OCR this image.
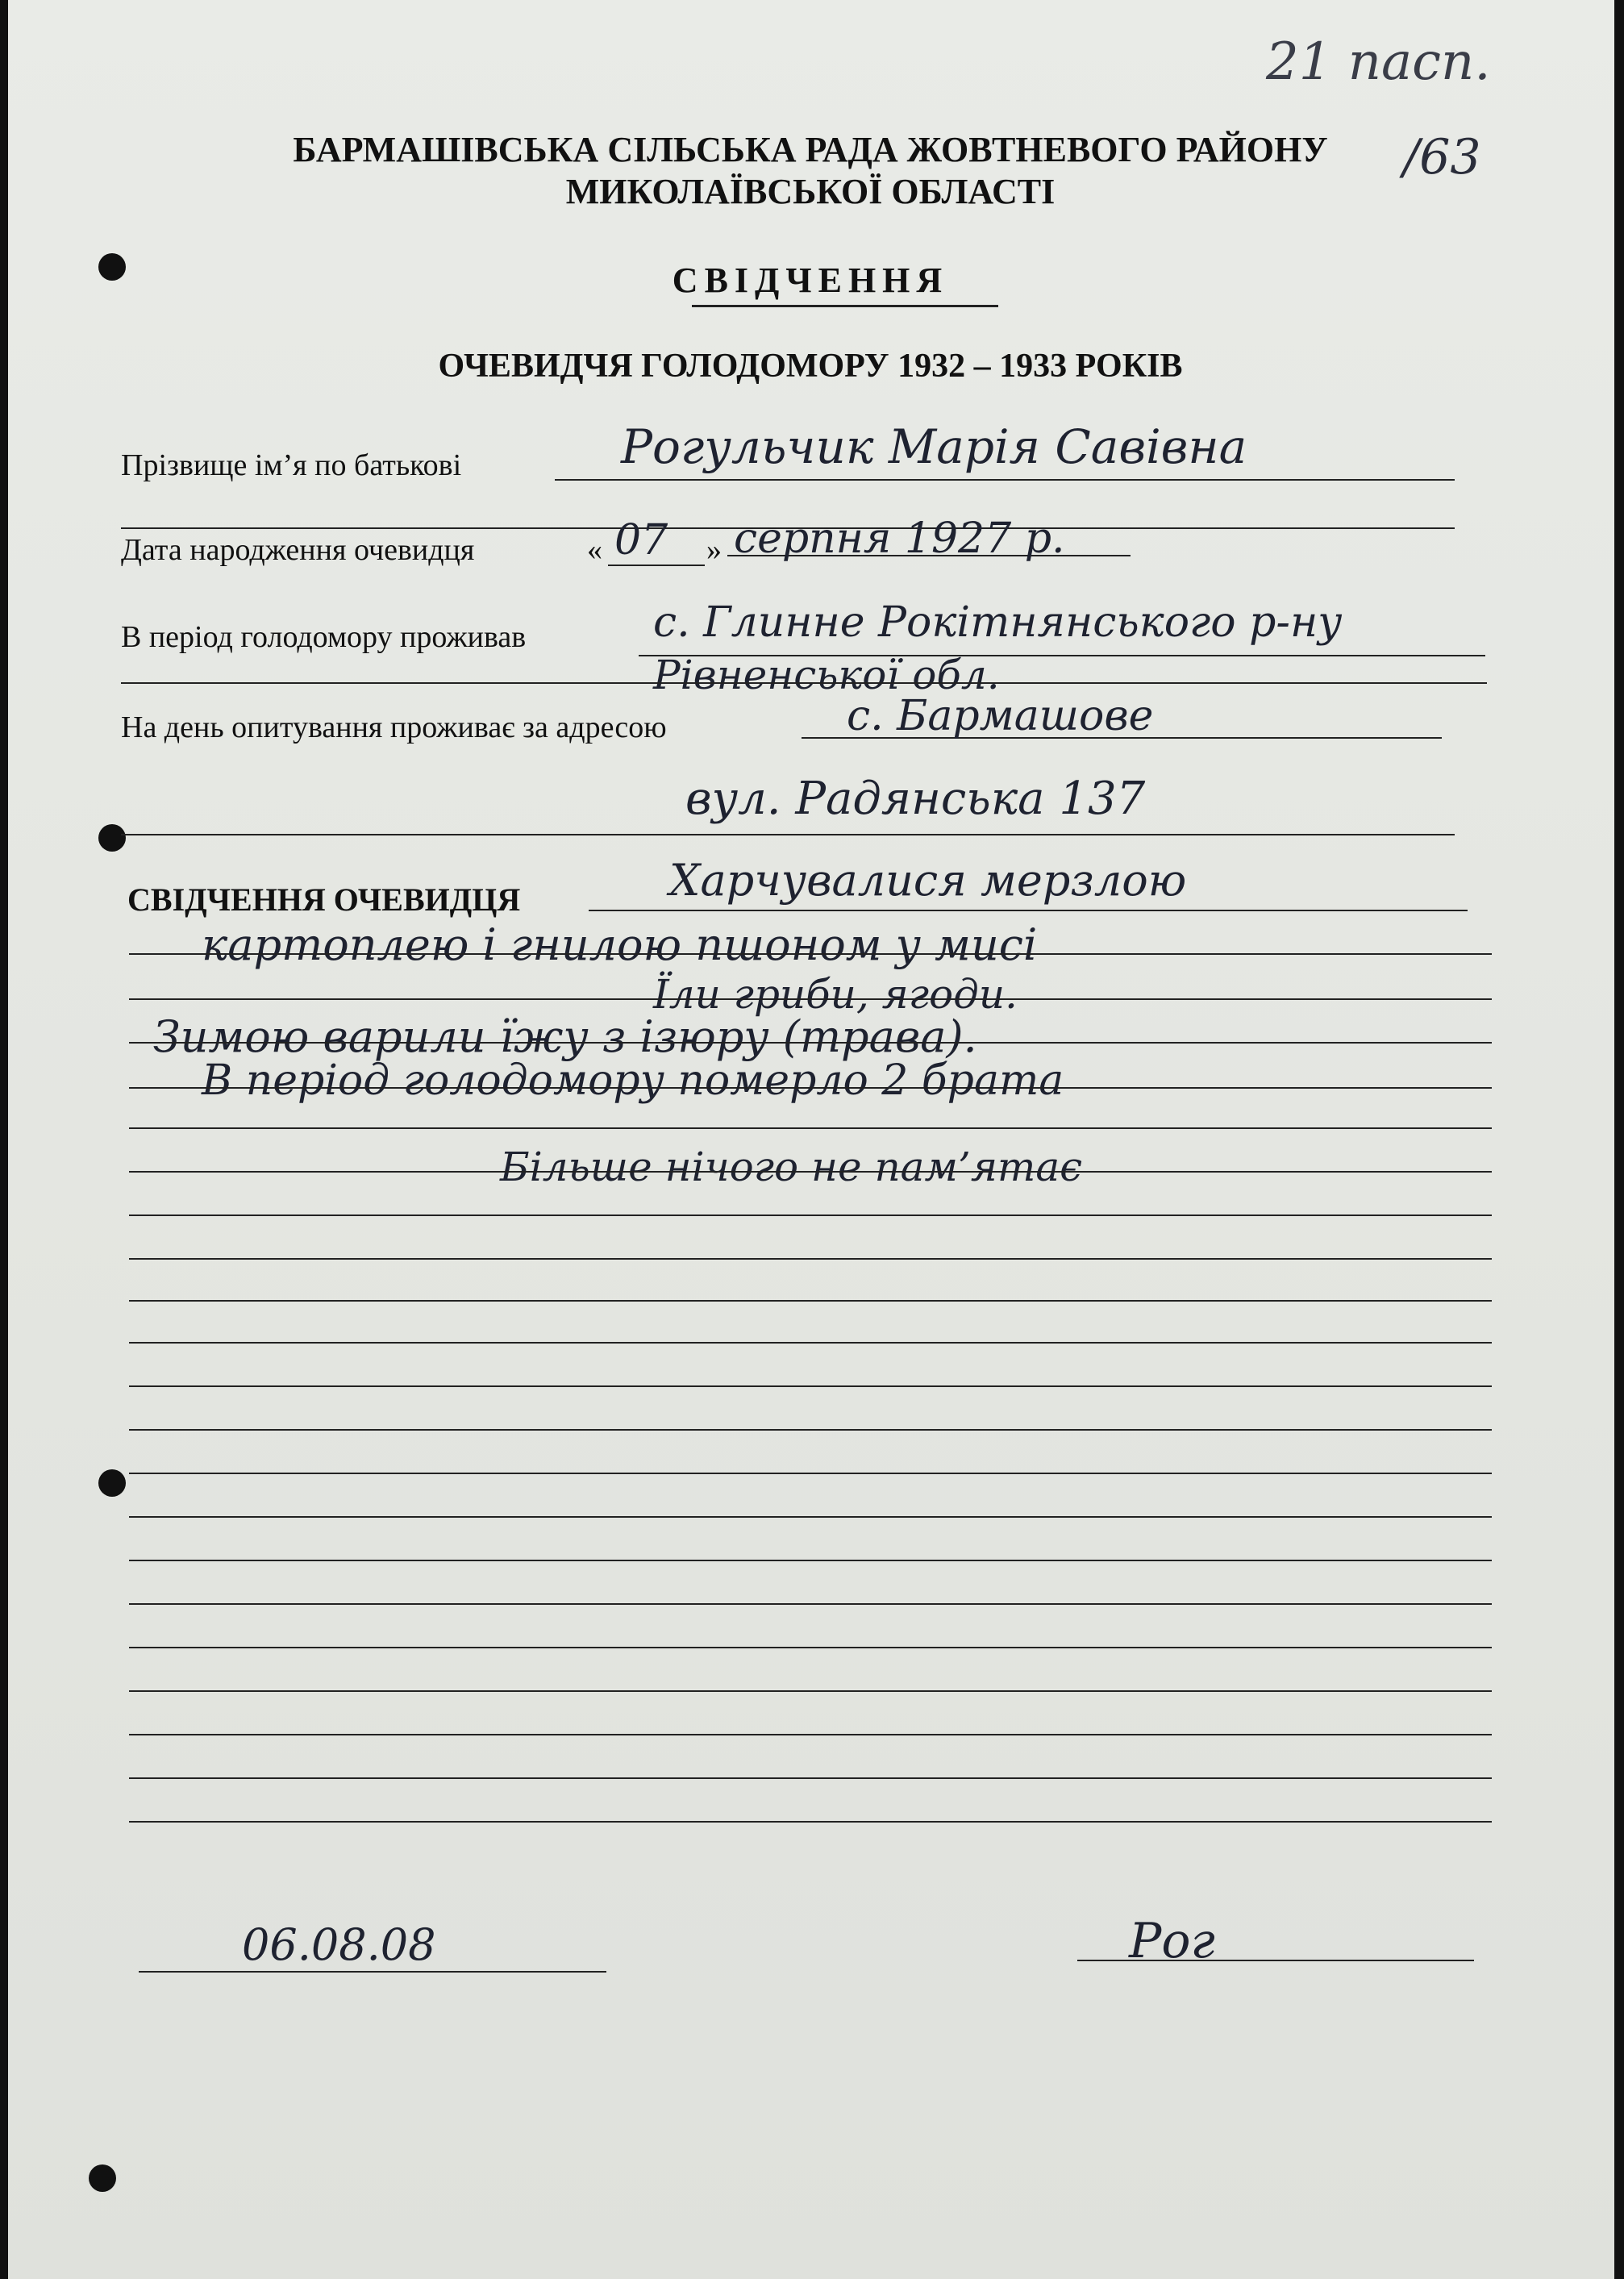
21 пасп.
/63
БАРМАШІВСЬКА СІЛЬСЬКА РАДА ЖОВТНЕВОГО РАЙОНУ
МИКОЛАЇВСЬКОЇ ОБЛАСТІ
СВІДЧЕННЯ
ОЧЕВИДЧЯ ГОЛОДОМОРУ 1932 – 1933 РОКІВ
Прізвище ім’я по батькові	Рогульчик Марія Савівна
Дата народження очевидця	« 07 » серпня 1927 р.
В період голодомору проживав	с. Глинне Рокітнянського р-ну
Рівненської обл.
На день опитування проживає за адресою	с. Бармашове
вул. Радянська 137
СВІДЧЕННЯ ОЧЕВИДЦЯ	Харчувалися мерзлою
картоплею і гнилою пшоном у мисі
Їли гриби, ягоди.
Зимою варили їжу з ізюру (трава).
В період голодомору померло 2 брата
Більше нічого не пам’ятає
06.08.08	Рог
